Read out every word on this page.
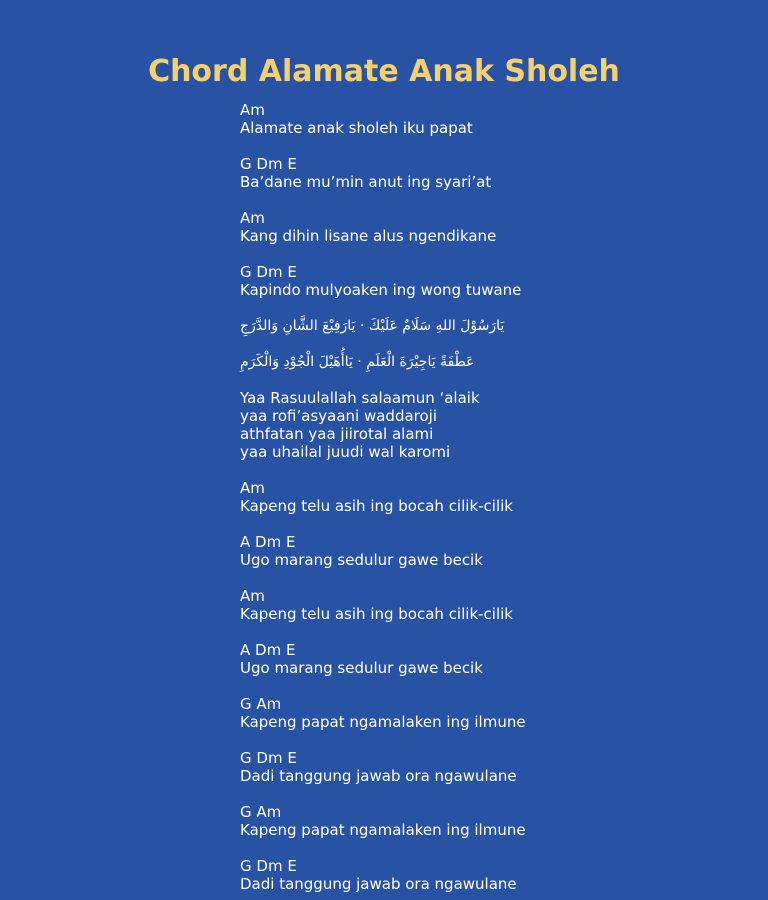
Chord Alamate Anak Sholeh
Am
Alamate anak sholeh iku papat
G Dm E
Ba’dane mu’min anut ing syari’at
Am
Kang dihin lisane alus ngendikane
G Dm E
Kapindo mulyoaken ing wong tuwane
يَارَسُوْلَ اللهِ سَلَامٌ عَلَيْكَ · يَارَفِيْعَ الشَّانِ وَالدَّرَجِ
عَطْفَةً يَاجِيْرَةَ الْعَلَمِ · يَاأُهَيْلَ الْجُوْدِ وَالْكَرَمِ
Yaa Rasuulallah salaamun ‘alaik
yaa rofi’asyaani waddaroji
athfatan yaa jiirotal alami
yaa uhailal juudi wal karomi
Am
Kapeng telu asih ing bocah cilik-cilik
A Dm E
Ugo marang sedulur gawe becik
Am
Kapeng telu asih ing bocah cilik-cilik
A Dm E
Ugo marang sedulur gawe becik
G Am
Kapeng papat ngamalaken ing ilmune
G Dm E
Dadi tanggung jawab ora ngawulane
G Am
Kapeng papat ngamalaken ing ilmune
G Dm E
Dadi tanggung jawab ora ngawulane
